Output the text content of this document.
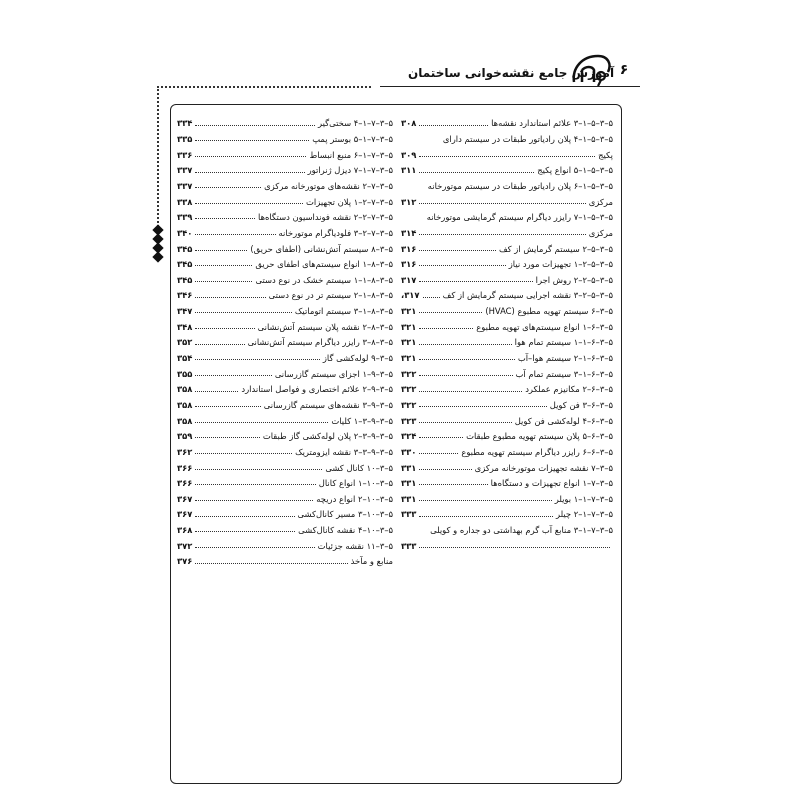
آموزش جامع نقشه‌خوانی ساختمان ۶
۵–۳–۵–۱–۳ علائم استاندارد نقشه‌ها
۳۰۸
۵–۳–۵–۱–۴ پلان رادیاتور طبقات در سیستم دارای
پکیج
۳۰۹
۵–۳–۵–۱–۵ انواع پکیج
۳۱۱
۵–۳–۵–۱–۶ پلان رادیاتور طبقات در سیستم موتورخانه
مرکزی
۳۱۲
۵–۳–۵–۱–۷ رایزر دیاگرام سیستم گرمایشی موتورخانه
مرکزی
۳۱۴
۵–۳–۵–۲ سیستم گرمایش از کف
۳۱۶
۵–۳–۵–۲–۱ تجهیزات مورد نیاز
۳۱۶
۵–۳–۵–۲–۲ روش اجرا
۳۱۷
۵–۳–۵–۲–۳ نقشه اجرایی سیستم گرمایش از کف
۳۱۷،
۵–۳–۶ سیستم تهویه مطبوع (HVAC)
۳۲۱
۵–۳–۶–۱ انواع سیستم‌های تهویه مطبوع
۳۲۱
۵–۳–۶–۱–۱ سیستم تمام هوا
۳۲۱
۵–۳–۶–۱–۲ سیستم هوا–آب
۳۲۱
۵–۳–۶–۱–۳ سیستم تمام آب
۳۲۲
۵–۳–۶–۲ مکانیزم عملکرد
۳۲۲
۵–۳–۶–۳ فن کویل
۳۲۲
۵–۳–۶–۴ لوله‌کشی فن کویل
۳۲۳
۵–۳–۶–۵ پلان سیستم تهویه مطبوع طبقات
۳۲۴
۵–۳–۶–۶ رایزر دیاگرام سیستم تهویه مطبوع
۳۳۰
۵–۳–۷ نقشه تجهیزات موتورخانه مرکزی
۳۳۱
۵–۳–۷–۱ انواع تجهیزات و دستگاه‌ها
۳۳۱
۵–۳–۷–۱–۱ بویلر
۳۳۱
۵–۳–۷–۱–۲ چیلر
۳۳۳
۵–۳–۷–۱–۳ منابع آب گرم بهداشتی دو جداره و کویلی
۳۳۳
۵–۳–۷–۱–۴ سختی‌گیر
۳۳۴
۵–۳–۷–۱–۵ بوستر پمپ
۳۳۵
۵–۳–۷–۱–۶ منبع انبساط
۳۳۶
۵–۳–۷–۱–۷ دیزل ژنراتور
۳۳۷
۵–۳–۷–۲ نقشه‌های موتورخانه مرکزی
۳۳۷
۵–۳–۷–۲–۱ پلان تجهیزات
۳۳۸
۵–۳–۷–۲–۲ نقشه فونداسیون دستگاه‌ها
۳۳۹
۵–۳–۷–۲–۳ فلودیاگرام موتورخانه
۳۴۰
۵–۳–۸ سیستم آتش‌نشانی (اطفای حریق)
۳۴۵
۵–۳–۸–۱ انواع سیستم‌های اطفای حریق
۳۴۵
۵–۳–۸–۱–۱ سیستم خشک در نوع دستی
۳۴۵
۵–۳–۸–۱–۲ سیستم تر در نوع دستی
۳۴۶
۵–۳–۸–۱–۳ سیستم اتوماتیک
۳۴۷
۵–۳–۸–۲ نقشه پلان سیستم آتش‌نشانی
۳۴۸
۵–۳–۸–۳ رایزر دیاگرام سیستم آتش‌نشانی
۳۵۲
۵–۳–۹ لوله‌کشی گاز
۳۵۴
۵–۳–۹–۱ اجزای سیستم گازرسانی
۳۵۵
۵–۳–۹–۲ علائم اختصاری و فواصل استاندارد
۳۵۸
۵–۳–۹–۳ نقشه‌های سیستم گازرسانی
۳۵۸
۵–۳–۹–۳–۱ کلیات
۳۵۸
۵–۳–۹–۳–۲ پلان لوله‌کشی گاز طبقات
۳۵۹
۵–۳–۹–۳–۳ نقشه ایزومتریک
۳۶۲
۵–۳–۱۰ کانال کشی
۳۶۶
۵–۳–۱۰–۱ انواع کانال
۳۶۶
۵–۳–۱۰–۲ انواع دریچه
۳۶۷
۵–۳–۱۰–۳ مسیر کانال‌کشی
۳۶۷
۵–۳–۱۰–۴ نقشه کانال‌کشی
۳۶۸
۵–۳–۱۱ نقشه جزئیات
۳۷۲
منابع و مآخذ
۳۷۶
